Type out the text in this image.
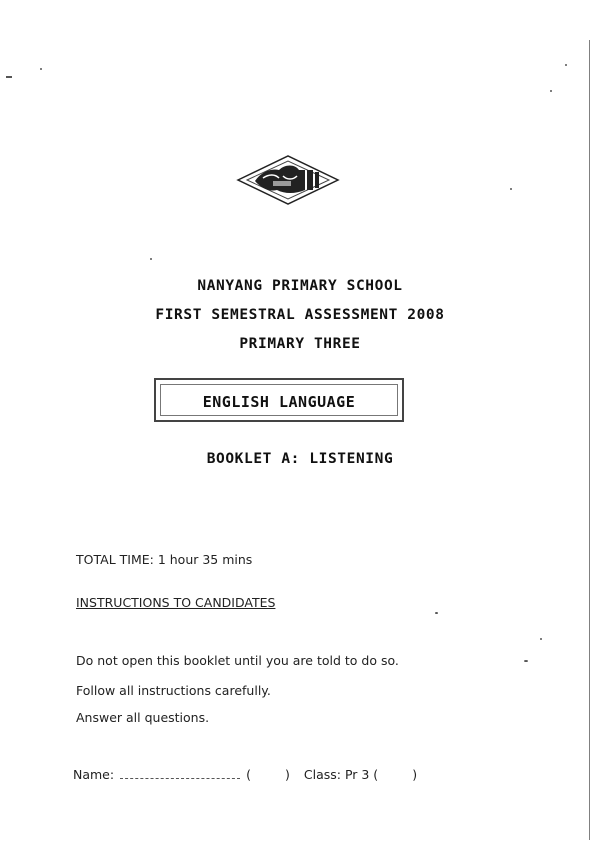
NANYANG PRIMARY SCHOOL
FIRST SEMESTRAL ASSESSMENT 2008
PRIMARY THREE
ENGLISH LANGUAGE
BOOKLET A: LISTENING
TOTAL TIME: 1 hour 35 mins
INSTRUCTIONS TO CANDIDATES
Do not open this booklet until you are told to do so.
Follow all instructions carefully.
Answer all questions.
Name:	(	) Class: Pr 3 (	)
